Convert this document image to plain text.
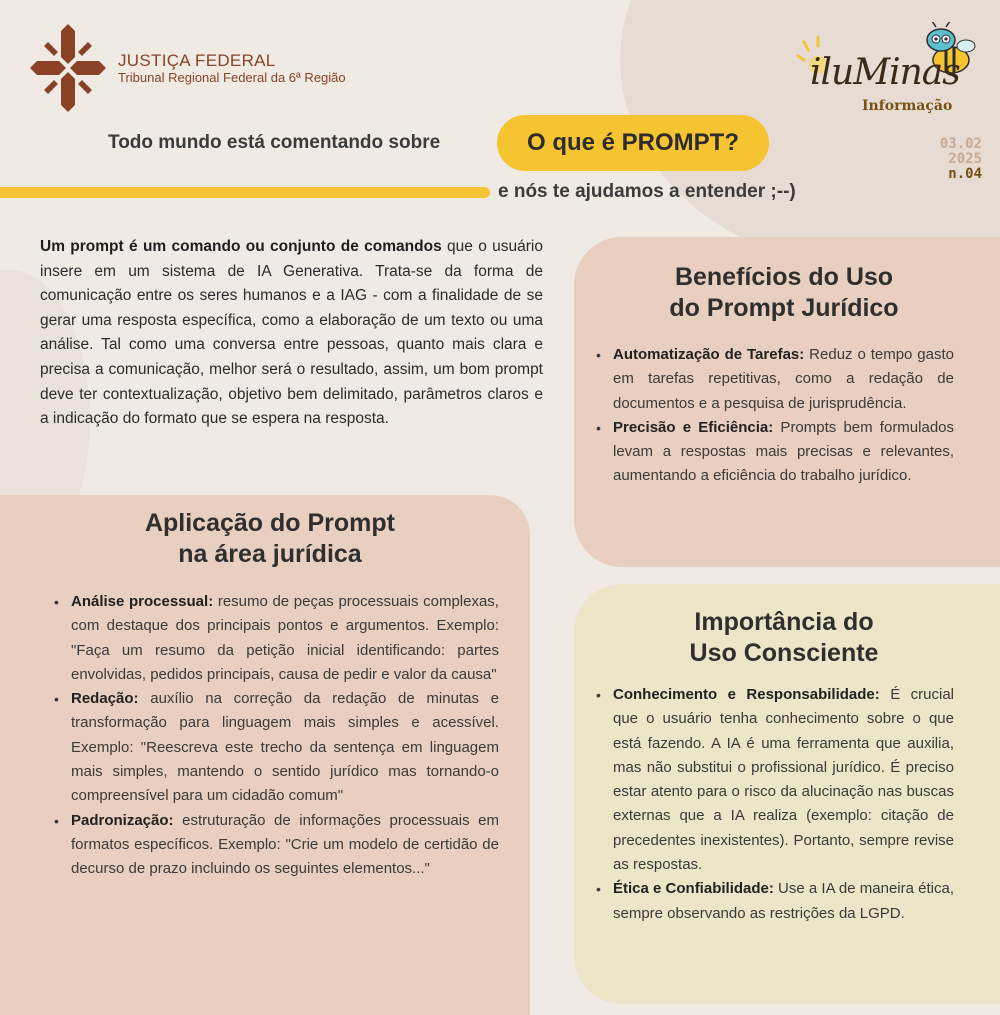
JUSTIÇA FEDERAL
Tribunal Regional Federal da 6ª Região	iluMinas
Informação
03.02
2025
n.04
Todo mundo está comentando sobre	O que é PROMPT?
e nós te ajudamos a entender ;--)

Um prompt é um comando ou conjunto de comandos que o usuário insere em um sistema de IA Generativa. Trata-se da forma de comunicação entre os seres humanos e a IAG - com a finalidade de se gerar uma resposta específica, como a elaboração de um texto ou uma análise. Tal como uma conversa entre pessoas, quanto mais clara e precisa a comunicação, melhor será o resultado, assim, um bom prompt deve ter contextualização, objetivo bem delimitado, parâmetros claros e a indicação do formato que se espera na resposta.

Aplicação do Prompt
na área jurídica
• Análise processual: resumo de peças processuais complexas, com destaque dos principais pontos e argumentos. Exemplo: "Faça um resumo da petição inicial identificando: partes envolvidas, pedidos principais, causa de pedir e valor da causa"
• Redação: auxílio na correção da redação de minutas e transformação para linguagem mais simples e acessível. Exemplo: "Reescreva este trecho da sentença em linguagem mais simples, mantendo o sentido jurídico mas tornando-o compreensível para um cidadão comum"
• Padronização: estruturação de informações processuais em formatos específicos. Exemplo: "Crie um modelo de certidão de decurso de prazo incluindo os seguintes elementos..."
Benefícios do Uso
do Prompt Jurídico
• Automatização de Tarefas: Reduz o tempo gasto em tarefas repetitivas, como a redação de documentos e a pesquisa de jurisprudência.
• Precisão e Eficiência: Prompts bem formulados levam a respostas mais precisas e relevantes, aumentando a eficiência do trabalho jurídico.
Importância do
Uso Consciente
• Conhecimento e Responsabilidade: É crucial que o usuário tenha conhecimento sobre o que está fazendo. A IA é uma ferramenta que auxilia, mas não substitui o profissional jurídico. É preciso estar atento para o risco da alucinação nas buscas externas que a IA realiza (exemplo: citação de precedentes inexistentes). Portanto, sempre revise as respostas.
• Ética e Confiabilidade: Use a IA de maneira ética, sempre observando as restrições da LGPD.
